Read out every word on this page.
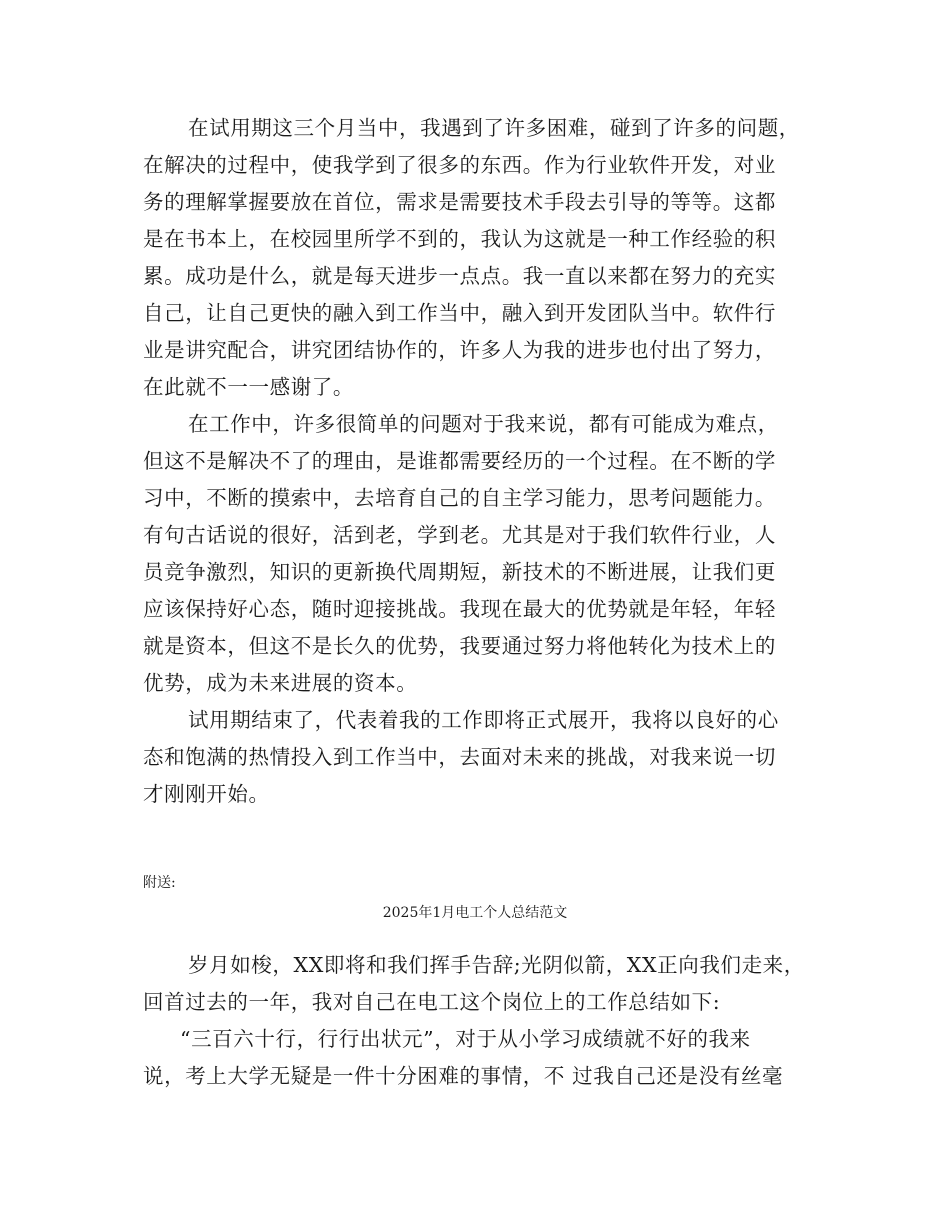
在试用期这三个月当中，我遇到了许多困难，碰到了许多的问题，
在解决的过程中，使我学到了很多的东西。作为行业软件开发，对业
务的理解掌握要放在首位，需求是需要技术手段去引导的等等。这都
是在书本上，在校园里所学不到的，我认为这就是一种工作经验的积
累。成功是什么，就是每天进步一点点。我一直以来都在努力的充实
自己，让自己更快的融入到工作当中，融入到开发团队当中。软件行
业是讲究配合，讲究团结协作的，许多人为我的进步也付出了努力，
在此就不一一感谢了。
在工作中，许多很简单的问题对于我来说，都有可能成为难点，
但这不是解决不了的理由，是谁都需要经历的一个过程。在不断的学
习中，不断的摸索中，去培育自己的自主学习能力，思考问题能力。
有句古话说的很好，活到老，学到老。尤其是对于我们软件行业，人
员竞争激烈，知识的更新换代周期短，新技术的不断进展，让我们更
应该保持好心态，随时迎接挑战。我现在最大的优势就是年轻，年轻
就是资本，但这不是长久的优势，我要通过努力将他转化为技术上的
优势，成为未来进展的资本。
试用期结束了，代表着我的工作即将正式展开，我将以良好的心
态和饱满的热情投入到工作当中，去面对未来的挑战，对我来说一切
才刚刚开始。
附送:
2025年1月电工个人总结范文
岁月如梭，XX即将和我们挥手告辞;光阴似箭，XX正向我们走来，
回首过去的一年，我对自己在电工这个岗位上的工作总结如下:
“三百六十行，行行出状元”，对于从小学习成绩就不好的我来
说，考上大学无疑是一件十分困难的事情，不 过我自己还是没有丝毫
